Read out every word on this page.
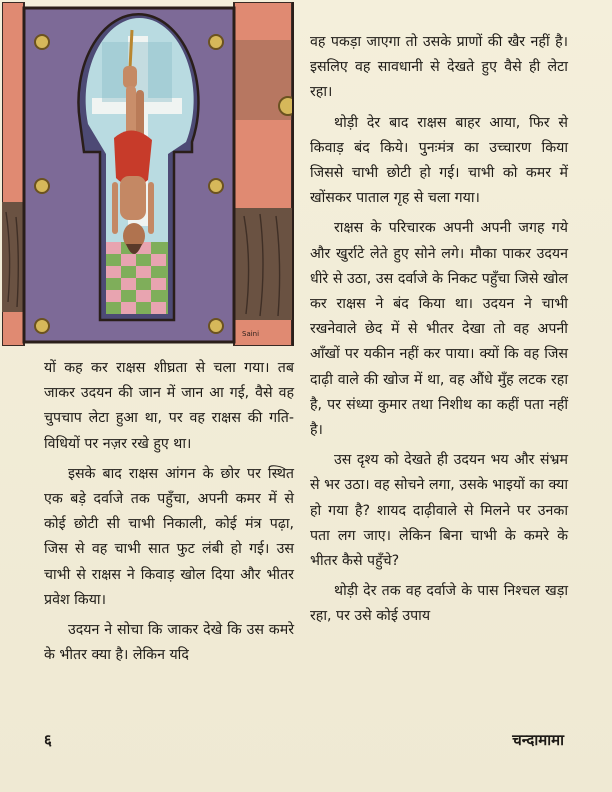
Saini

वह पकड़ा जाएगा तो उसके प्राणों की खैर नहीं है। इसलिए वह सावधानी से देखते हुए वैसे ही लेटा रहा।

थोड़ी देर बाद राक्षस बाहर आया, फिर से किवाड़ बंद किये। पुनःमंत्र का उच्चारण किया जिससे चाभी छोटी हो गई। चाभी को कमर में खोंसकर पाताल गृह से चला गया।

राक्षस के परिचारक अपनी अपनी जगह गये और खुर्राटे लेते हुए सोने लगे। मौका पाकर उदयन धीरे से उठा, उस दर्वाजे के निकट पहुँचा जिसे खोल कर राक्षस ने बंद किया था। उदयन ने चाभी रखनेवाले छेद में से भीतर देखा तो वह अपनी आँखों पर यकीन नहीं कर पाया। क्यों कि वह जिस दाढ़ी वाले की खोज में था, वह औंधे मुँह लटक रहा है, पर संध्या कुमार तथा निशीथ का कहीं पता नहीं है।

उस दृश्य को देखते ही उदयन भय और संभ्रम से भर उठा। वह सोचने लगा, उसके भाइयों का क्या हो गया है? शायद दाढ़ीवाले से मिलने पर उनका पता लग जाए। लेकिन बिना चाभी के कमरे के भीतर कैसे पहुँचे?

थोड़ी देर तक वह दर्वाजे के पास निश्चल खड़ा रहा, पर उसे कोई उपाय

यों कह कर राक्षस शीघ्रता से चला गया। तब जाकर उदयन की जान में जान आ गई, वैसे वह चुपचाप लेटा हुआ था, पर वह राक्षस की गति-विधियों पर नज़र रखे हुए था।

इसके बाद राक्षस आंगन के छोर पर स्थित एक बड़े दर्वाजे तक पहुँचा, अपनी कमर में से कोई छोटी सी चाभी निकाली, कोई मंत्र पढ़ा, जिस से वह चाभी सात फुट लंबी हो गई। उस चाभी से राक्षस ने किवाड़ खोल दिया और भीतर प्रवेश किया।

उदयन ने सोचा कि जाकर देखे कि उस कमरे के भीतर क्या है। लेकिन यदि

६	चन्दामामा
